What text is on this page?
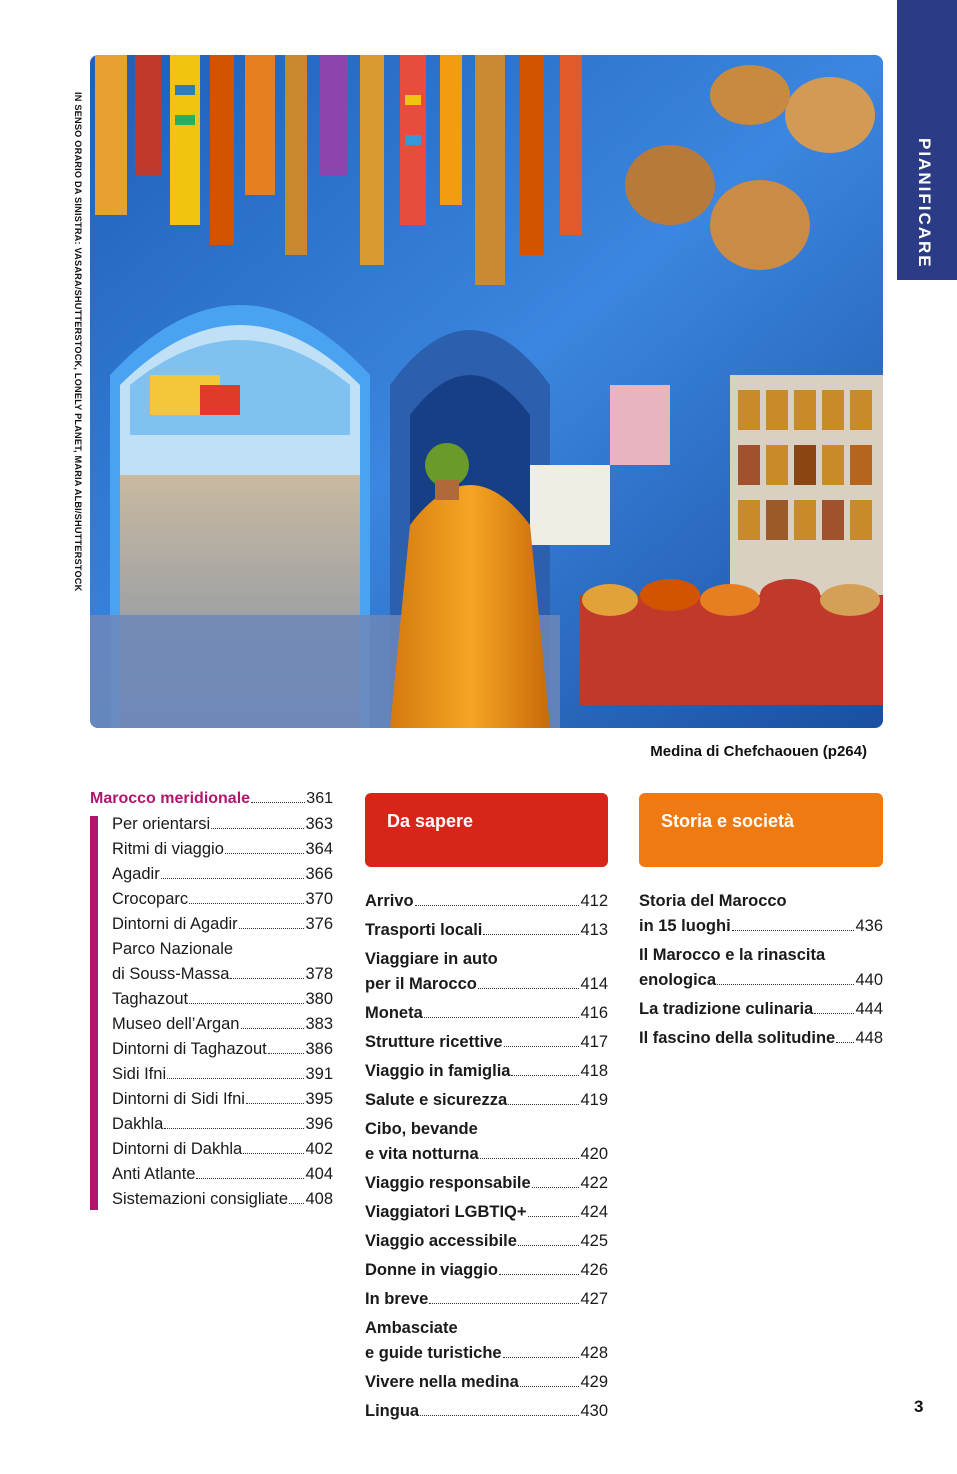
PIANIFICARE
IN SENSO ORARIO DA SINISTRA: VASARA/SHUTTERSTOCK, LONELY PLANET, MARIA ALBI/SHUTTERSTOCK
Medina di Chefchaouen (p264)
Marocco meridionale	361
Per orientarsi	363
Ritmi di viaggio	364
Agadir	366
Crocoparc	370
Dintorni di Agadir	376
Parco Nazionale
di Souss-Massa	378
Taghazout	380
Museo dell’Argan	383
Dintorni di Taghazout 386
Sidi Ifni	391
Dintorni di Sidi Ifni	395
Dakhla	396
Dintorni di Dakhla	402
Anti Atlante	404
Sistemazioni consigliate 408
Da sapere
Arrivo	412
Trasporti locali	413
Viaggiare in auto
per il Marocco	414
Moneta	416
Strutture ricettive	417
Viaggio in famiglia	418
Salute e sicurezza	419
Cibo, bevande
e vita notturna	420
Viaggio responsabile	422
Viaggiatori LGBTIQ+	424
Viaggio accessibile	425
Donne in viaggio	426
In breve	427
Ambasciate
e guide turistiche	428
Vivere nella medina	429
Lingua	430
Storia e società
Storia del Marocco
in 15 luoghi	436
Il Marocco e la rinascita
enologica	440
La tradizione culinaria	444
Il fascino della solitudine 448
3
